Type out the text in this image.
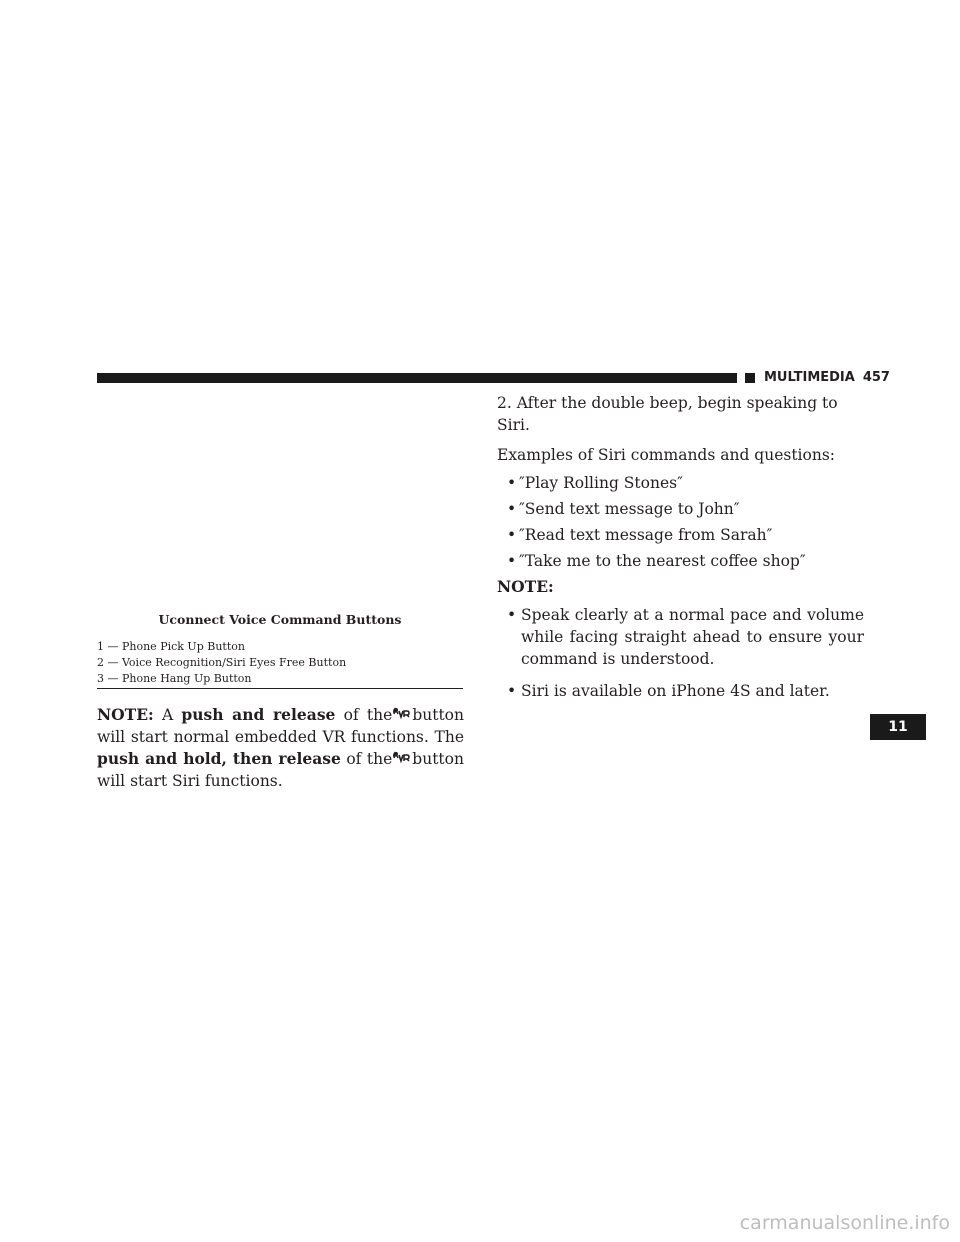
MULTIMEDIA 457
Uconnect Voice Command Buttons
1 — Phone Pick Up Button
2 — Voice Recognition/Siri Eyes Free Button
3 — Phone Hang Up Button
NOTE: A push and release of the button will start normal embedded VR functions. The push and hold, then release of the button will start Siri functions.
2. After the double beep, begin speaking to Siri.
Examples of Siri commands and questions:
• ″Play Rolling Stones″
• ″Send text message to John″
• ″Read text message from Sarah″
• ″Take me to the nearest coffee shop″
NOTE:
• Speak clearly at a normal pace and volume while facing straight ahead to ensure your command is understood.
• Siri is available on iPhone 4S and later.
11
carmanualsonline.info
